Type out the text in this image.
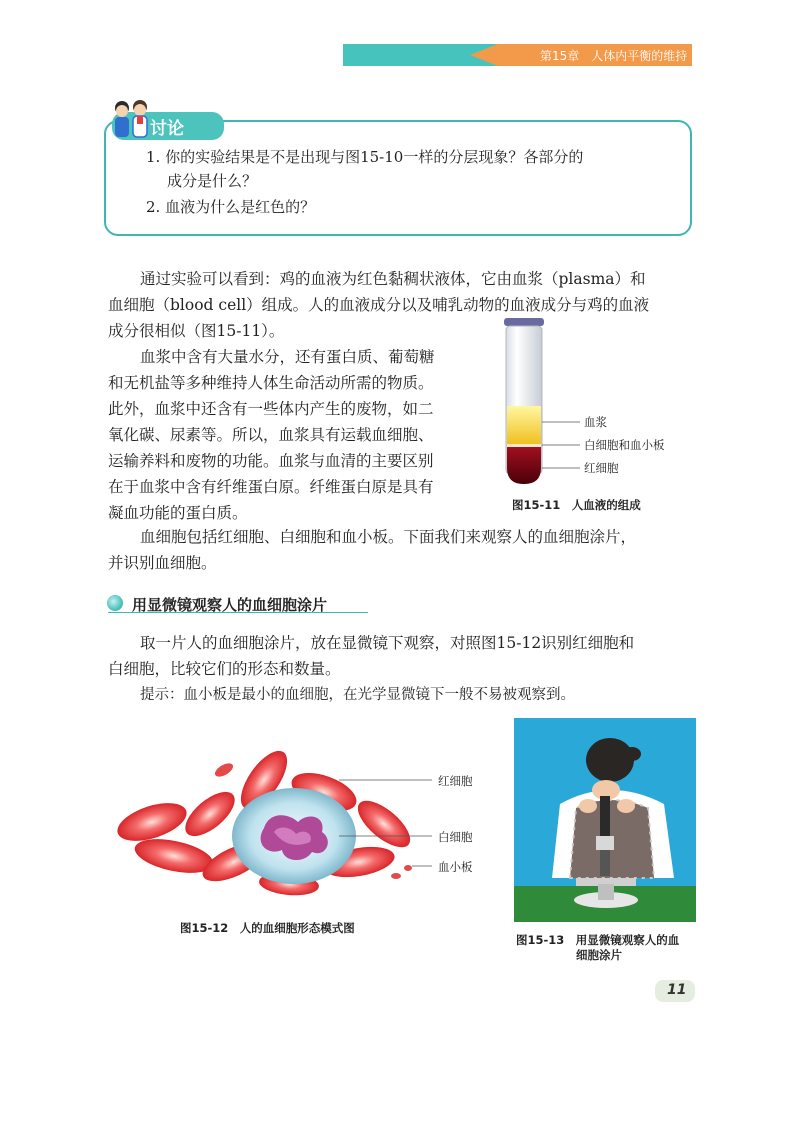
第15章　人体内平衡的维持
讨论
1. 你的实验结果是不是出现与图15-10一样的分层现象？各部分的
成分是什么？
2. 血液为什么是红色的？
通过实验可以看到：鸡的血液为红色黏稠状液体，它由血浆（plasma）和
血细胞（blood cell）组成。人的血液成分以及哺乳动物的血液成分与鸡的血液
成分很相似（图15-11）。
血浆中含有大量水分，还有蛋白质、葡萄糖
和无机盐等多种维持人体生命活动所需的物质。
此外，血浆中还含有一些体内产生的废物，如二
氧化碳、尿素等。所以，血浆具有运载血细胞、
运输养料和废物的功能。血浆与血清的主要区别
在于血浆中含有纤维蛋白原。纤维蛋白原是具有
凝血功能的蛋白质。
血浆
白细胞和血小板
红细胞
图15-11　人血液的组成
血细胞包括红细胞、白细胞和血小板。下面我们来观察人的血细胞涂片，
并识别血细胞。
用显微镜观察人的血细胞涂片
取一片人的血细胞涂片，放在显微镜下观察，对照图15-12识别红细胞和
白细胞，比较它们的形态和数量。
提示：血小板是最小的血细胞，在光学显微镜下一般不易被观察到。
红细胞
白细胞
血小板
图15-12　人的血细胞形态模式图
图15-13　用显微镜观察人的血
细胞涂片
11
